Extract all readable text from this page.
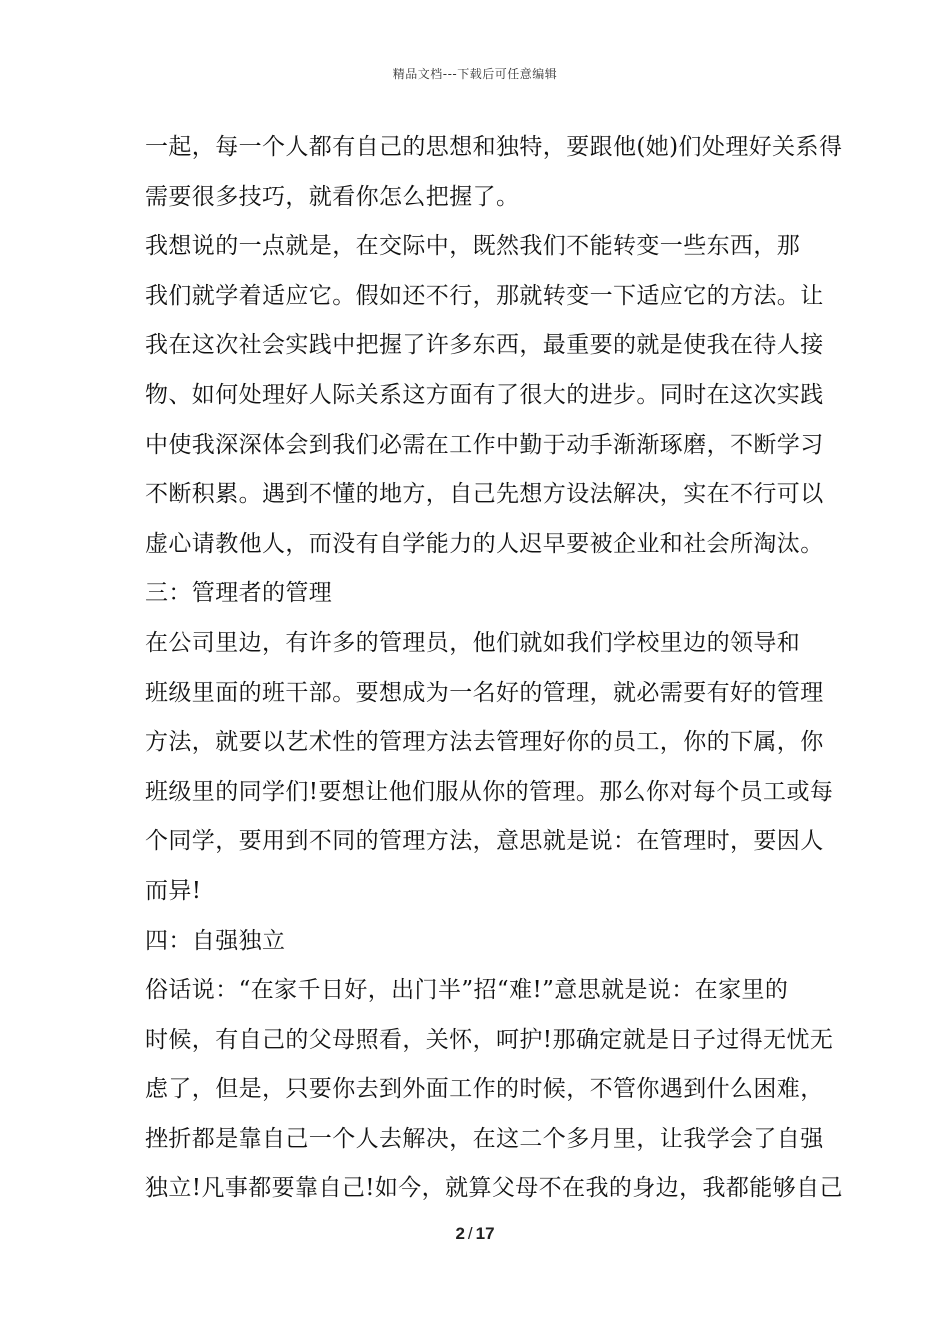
精品文档---下载后可任意编辑
一起，每一个人都有自己的思想和独特，要跟他(她)们处理好关系得
需要很多技巧，就看你怎么把握了。
我想说的一点就是，在交际中，既然我们不能转变一些东西，那
我们就学着适应它。假如还不行，那就转变一下适应它的方法。让
我在这次社会实践中把握了许多东西，最重要的就是使我在待人接
物、如何处理好人际关系这方面有了很大的进步。同时在这次实践
中使我深深体会到我们必需在工作中勤于动手渐渐琢磨，不断学习
不断积累。遇到不懂的地方，自己先想方设法解决，实在不行可以
虚心请教他人，而没有自学能力的人迟早要被企业和社会所淘汰。
三：管理者的管理
在公司里边，有许多的管理员，他们就如我们学校里边的领导和
班级里面的班干部。要想成为一名好的管理，就必需要有好的管理
方法，就要以艺术性的管理方法去管理好你的员工，你的下属，你
班级里的同学们!要想让他们服从你的管理。那么你对每个员工或每
个同学，要用到不同的管理方法，意思就是说：在管理时，要因人
而异!
四：自强独立
俗话说：“在家千日好，出门半”招“难!”意思就是说：在家里的
时候，有自己的父母照看，关怀，呵护!那确定就是日子过得无忧无
虑了，但是，只要你去到外面工作的时候，不管你遇到什么困难，
挫折都是靠自己一个人去解决，在这二个多月里，让我学会了自强
独立!凡事都要靠自己!如今，就算父母不在我的身边，我都能够自己
2 / 17
